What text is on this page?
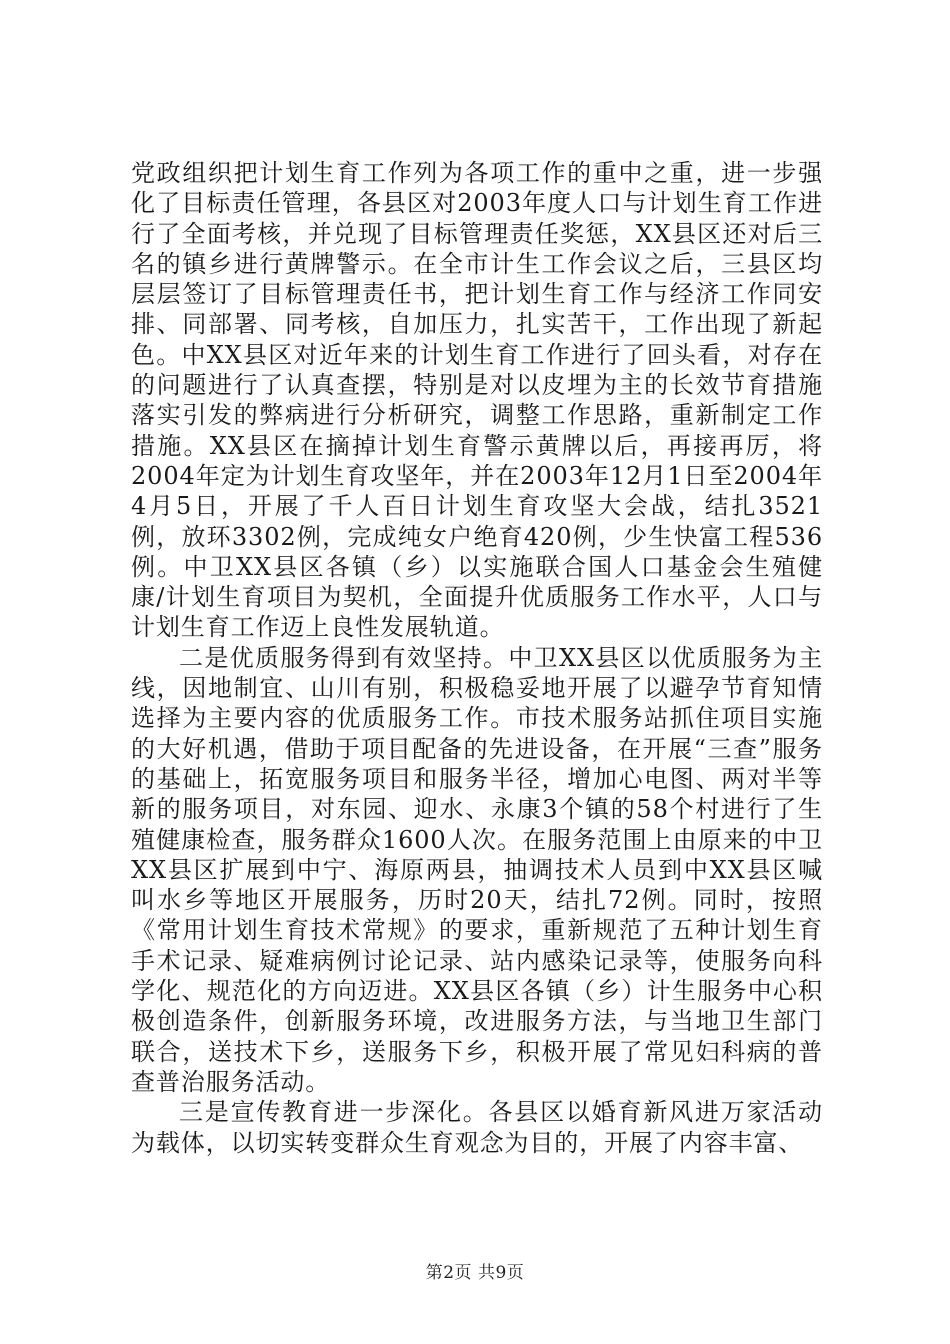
党政组织把计划生育工作列为各项工作的重中之重，进一步强化了目标责任管理，各县区对2003年度人口与计划生育工作进行了全面考核，并兑现了目标管理责任奖惩，XX县区还对后三名的镇乡进行黄牌警示。在全市计生工作会议之后，三县区均层层签订了目标管理责任书，把计划生育工作与经济工作同安排、同部署、同考核，自加压力，扎实苦干，工作出现了新起色。中XX县区对近年来的计划生育工作进行了回头看，对存在的问题进行了认真查摆，特别是对以皮埋为主的长效节育措施落实引发的弊病进行分析研究，调整工作思路，重新制定工作措施。XX县区在摘掉计划生育警示黄牌以后，再接再厉，将2004年定为计划生育攻坚年，并在2003年12月1日至2004年4月5日，开展了千人百日计划生育攻坚大会战，结扎3521例，放环3302例，完成纯女户绝育420例，少生快富工程536例。中卫XX县区各镇（乡）以实施联合国人口基金会生殖健康/计划生育项目为契机，全面提升优质服务工作水平，人口与计划生育工作迈上良性发展轨道。

二是优质服务得到有效坚持。中卫XX县区以优质服务为主线，因地制宜、山川有别，积极稳妥地开展了以避孕节育知情选择为主要内容的优质服务工作。市技术服务站抓住项目实施的大好机遇，借助于项目配备的先进设备，在开展“三查”服务的基础上，拓宽服务项目和服务半径，增加心电图、两对半等新的服务项目，对东园、迎水、永康3个镇的58个村进行了生殖健康检查，服务群众1600人次。在服务范围上由原来的中卫XX县区扩展到中宁、海原两县，抽调技术人员到中XX县区喊叫水乡等地区开展服务，历时20天，结扎72例。同时，按照《常用计划生育技术常规》的要求，重新规范了五种计划生育手术记录、疑难病例讨论记录、站内感染记录等，使服务向科学化、规范化的方向迈进。XX县区各镇（乡）计生服务中心积极创造条件，创新服务环境，改进服务方法，与当地卫生部门联合，送技术下乡，送服务下乡，积极开展了常见妇科病的普查普治服务活动。

三是宣传教育进一步深化。各县区以婚育新风进万家活动为载体，以切实转变群众生育观念为目的，开展了内容丰富、

第2页 共9页
